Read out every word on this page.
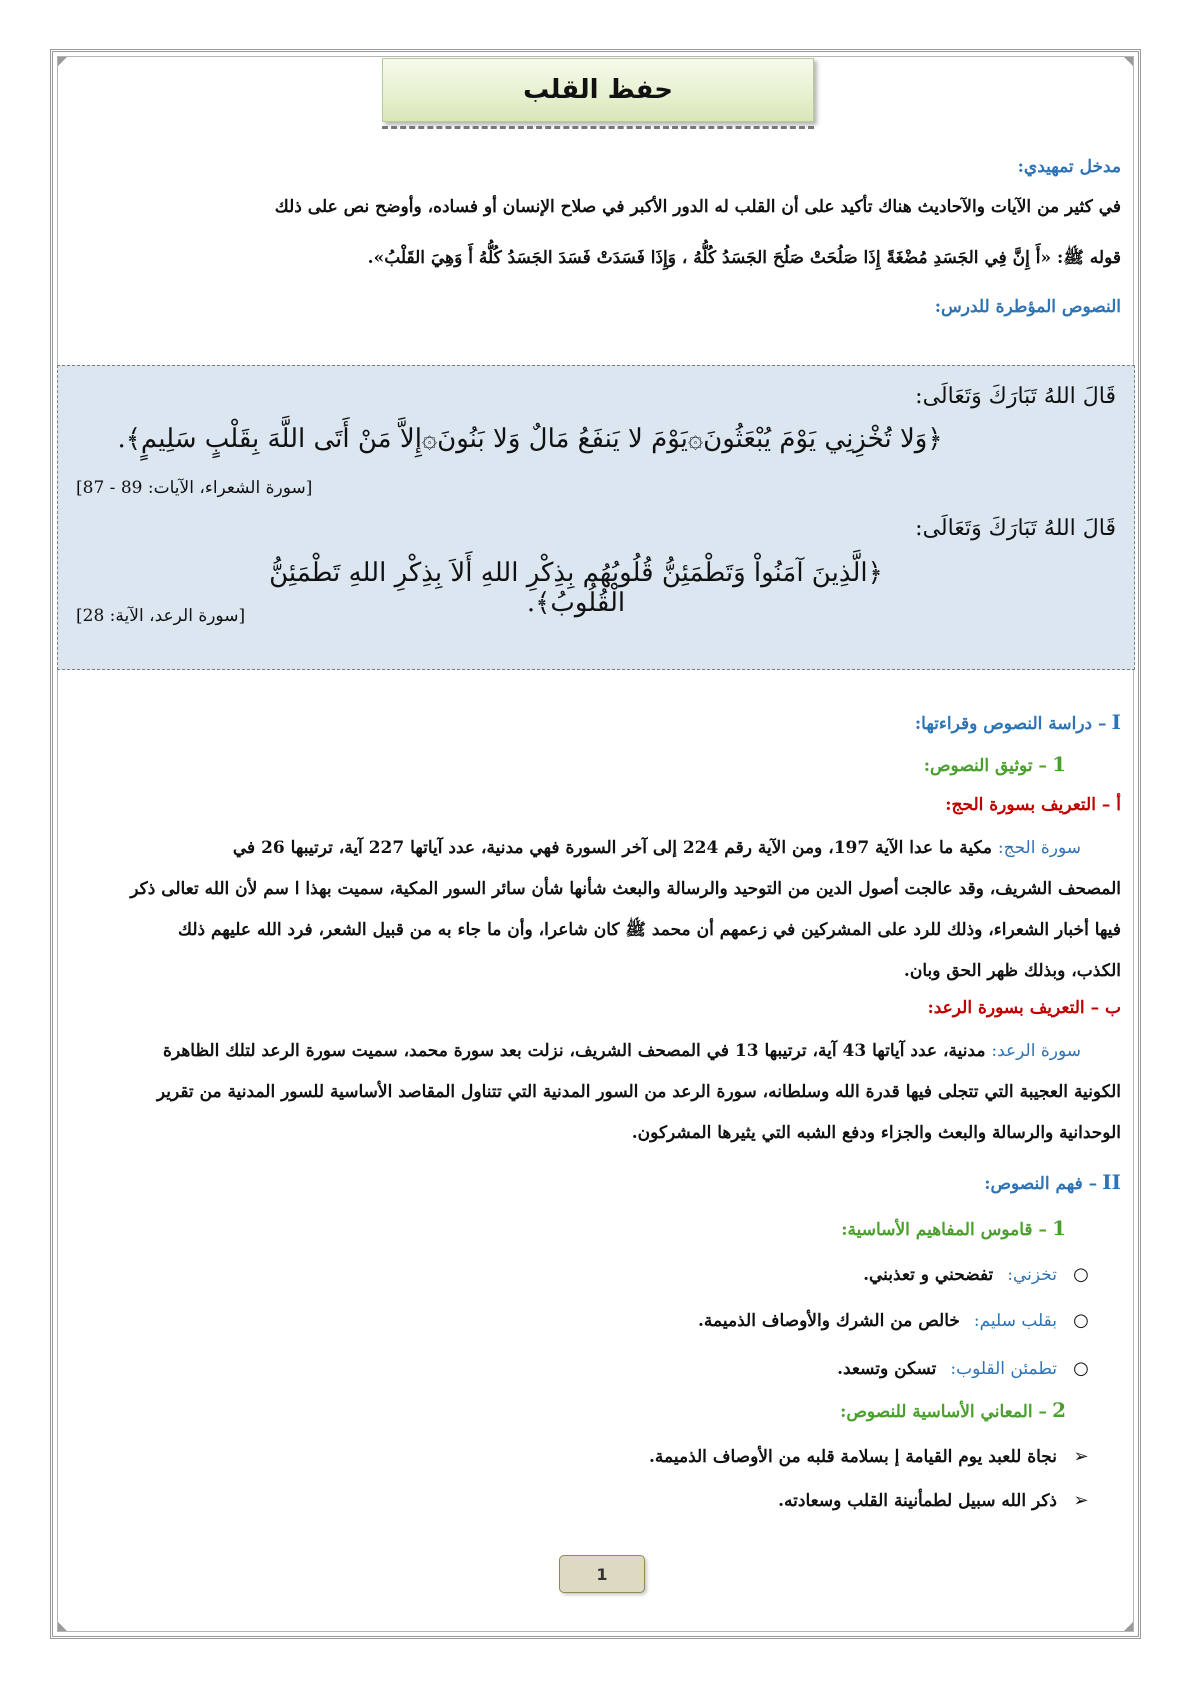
حفظ القلب
مدخل تمهيدي:
في كثير من الآيات والآحاديث هناك تأكيد على أن القلب له الدور الأكبر في صلاح الإنسان أو فساده، وأوضح نص على ذلك
قوله ﷺ: «أَ إِنَّ فِي الجَسَدِ مُضْغَةً إِذَا صَلُحَتْ صَلُحَ الجَسَدُ كُلُّهُ ، وَإِذَا فَسَدَتْ فَسَدَ الجَسَدُ كُلُّهُ أَ وَهِيَ القَلْبُ».
النصوص المؤطرة للدرس:
قَالَ اللهُ تَبَارَكَ وَتَعَالَى:
﴿وَلا تُخْزِنِي يَوْمَ يُبْعَثُونَ۞يَوْمَ لا يَنفَعُ مَالٌ وَلا بَنُونَ۞إِلاَّ مَنْ أَتَى اللَّهَ بِقَلْبٍ سَلِيمٍ﴾.
[سورة الشعراء، الآيات: 89 - 87]
قَالَ اللهُ تَبَارَكَ وَتَعَالَى:
﴿الَّذِينَ آمَنُواْ وَتَطْمَئِنُّ قُلُوبُهُم بِذِكْرِ اللهِ أَلاَ بِذِكْرِ اللهِ تَطْمَئِنُّ الْقُلُوبُ﴾.
[سورة الرعد، الآية: 28]
I – دراسة النصوص وقراءتها:
1 – توثيق النصوص:
أ – التعريف بسورة الحج:
سورة الحج: مكية ما عدا الآية 197، ومن الآية رقم 224 إلى آخر السورة فهي مدنية، عدد آياتها 227 آية، ترتيبها 26 في
المصحف الشريف، وقد عالجت أصول الدين من التوحيد والرسالة والبعث شأنها شأن سائر السور المكية، سميت بهذا ا سم لأن الله تعالى ذكر
فيها أخبار الشعراء، وذلك للرد على المشركين في زعمهم أن محمد ﷺ كان شاعرا، وأن ما جاء به من قبيل الشعر، فرد الله عليهم ذلك
الكذب، وبذلك ظهر الحق وبان.
ب – التعريف بسورة الرعد:
سورة الرعد: مدنية، عدد آياتها 43 آية، ترتيبها 13 في المصحف الشريف، نزلت بعد سورة محمد، سميت سورة الرعد لتلك الظاهرة
الكونية العجيبة التي تتجلى فيها قدرة الله وسلطانه، سورة الرعد من السور المدنية التي تتناول المقاصد الأساسية للسور المدنية من تقرير
الوحدانية والرسالة والبعث والجزاء ودفع الشبه التي يثيرها المشركون.
II – فهم النصوص:
1 – قاموس المفاهيم الأساسية:
○
تخزني:
تفضحني و تعذبني.
○
بقلب سليم:
خالص من الشرك والأوصاف الذميمة.
○
تطمئن القلوب:
تسكن وتسعد.
2 – المعاني الأساسية للنصوص:
➢
نجاة للعبد يوم القيامة إ بسلامة قلبه من الأوصاف الذميمة.
➢
ذكر الله سبيل لطمأنينة القلب وسعادته.
1
